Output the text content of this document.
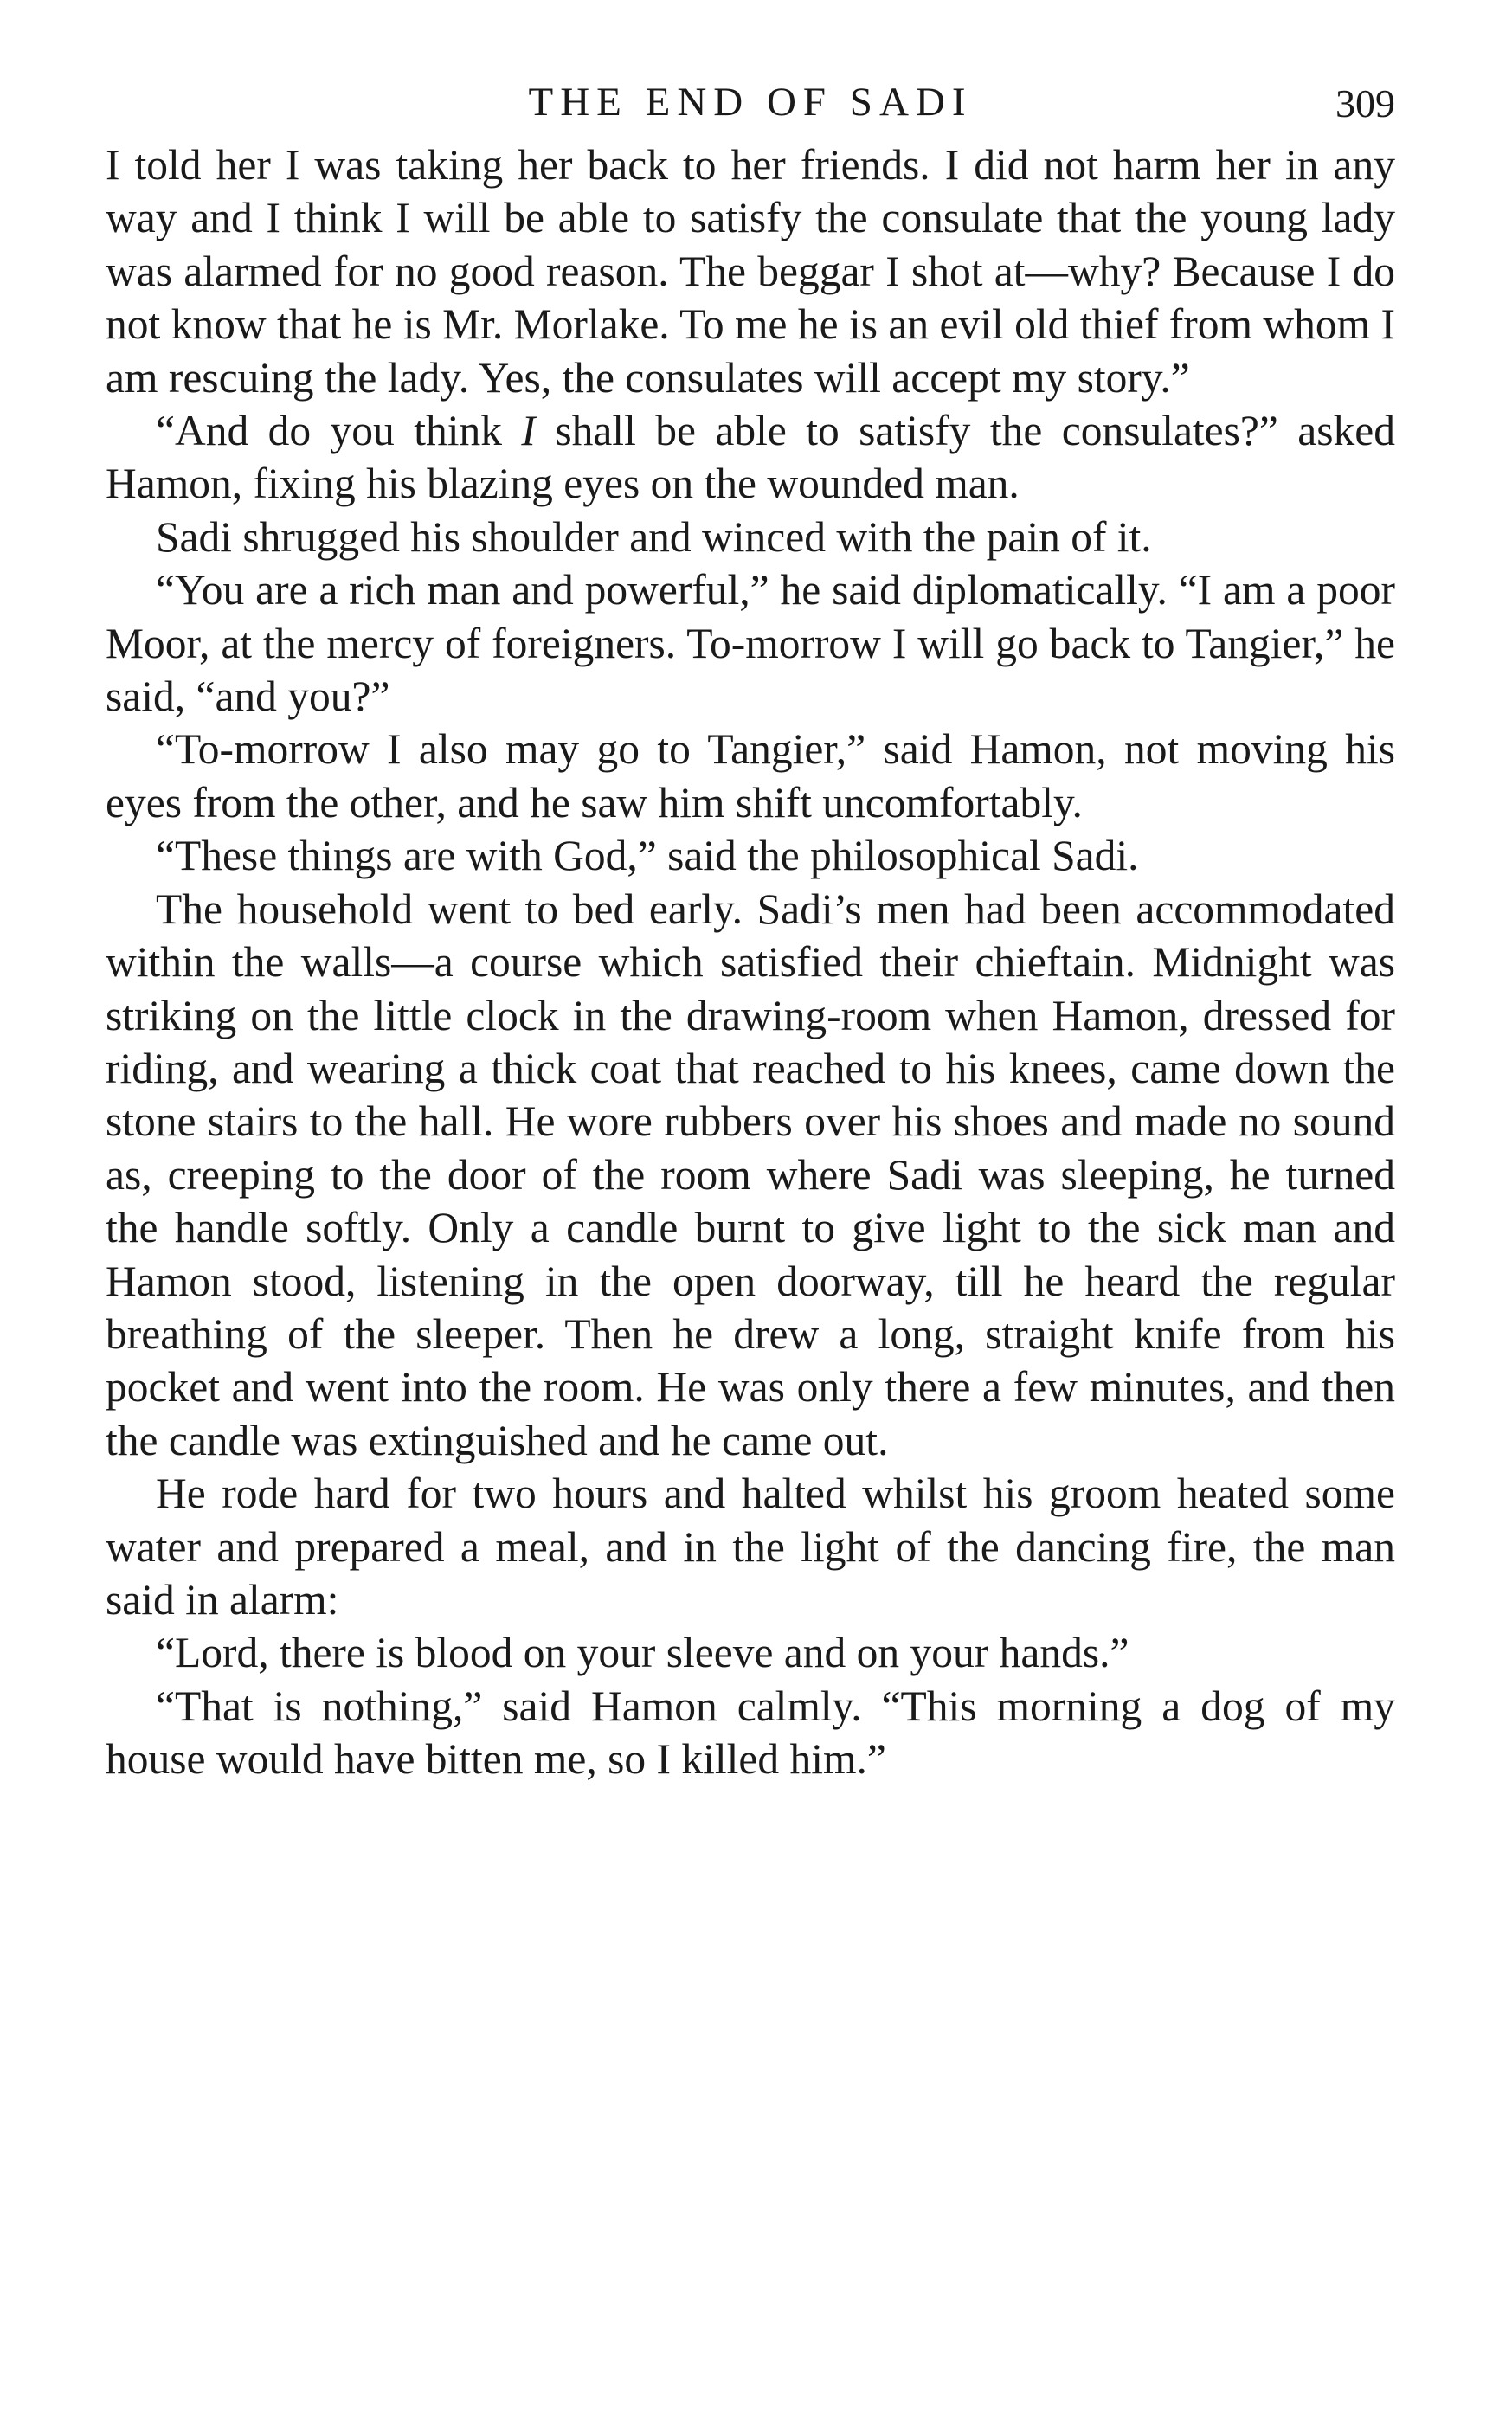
THE END OF SADI	309

I told her I was taking her back to her friends. I did not harm her in any way and I think I will be able to satisfy the consulate that the young lady was alarmed for no good reason. The beggar I shot at—why? Because I do not know that he is Mr. Morlake. To me he is an evil old thief from whom I am rescuing the lady. Yes, the consulates will accept my story.”

“And do you think I shall be able to satisfy the consulates?” asked Hamon, fixing his blazing eyes on the wounded man.

Sadi shrugged his shoulder and winced with the pain of it.

“You are a rich man and powerful,” he said diplomatically. “I am a poor Moor, at the mercy of foreigners. To-morrow I will go back to Tangier,” he said, “and you?”

“To-morrow I also may go to Tangier,” said Hamon, not moving his eyes from the other, and he saw him shift uncomfortably.

“These things are with God,” said the philosophical Sadi.

The household went to bed early. Sadi’s men had been accommodated within the walls—a course which satisfied their chieftain. Midnight was striking on the little clock in the drawing-room when Hamon, dressed for riding, and wearing a thick coat that reached to his knees, came down the stone stairs to the hall. He wore rubbers over his shoes and made no sound as, creeping to the door of the room where Sadi was sleeping, he turned the handle softly. Only a candle burnt to give light to the sick man and Hamon stood, listening in the open doorway, till he heard the regular breathing of the sleeper. Then he drew a long, straight knife from his pocket and went into the room. He was only there a few minutes, and then the candle was extinguished and he came out.

He rode hard for two hours and halted whilst his groom heated some water and prepared a meal, and in the light of the dancing fire, the man said in alarm:

“Lord, there is blood on your sleeve and on your hands.”

“That is nothing,” said Hamon calmly. “This morning a dog of my house would have bitten me, so I killed him.”
